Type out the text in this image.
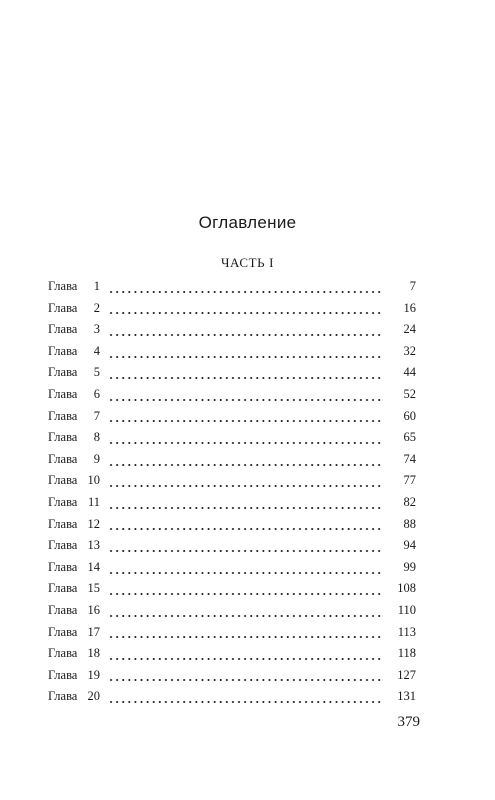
Оглавление
ЧАСТЬ I
Глава	1	7
Глава	2	16
Глава	3	24
Глава	4	32
Глава	5	44
Глава	6	52
Глава	7	60
Глава	8	65
Глава	9	74
Глава 10	77
Глава 11	82
Глава 12	88
Глава 13	94
Глава 14	99
Глава 15	108
Глава 16	110
Глава 17	113
Глава 18	118
Глава 19	127
Глава 20	131
379
